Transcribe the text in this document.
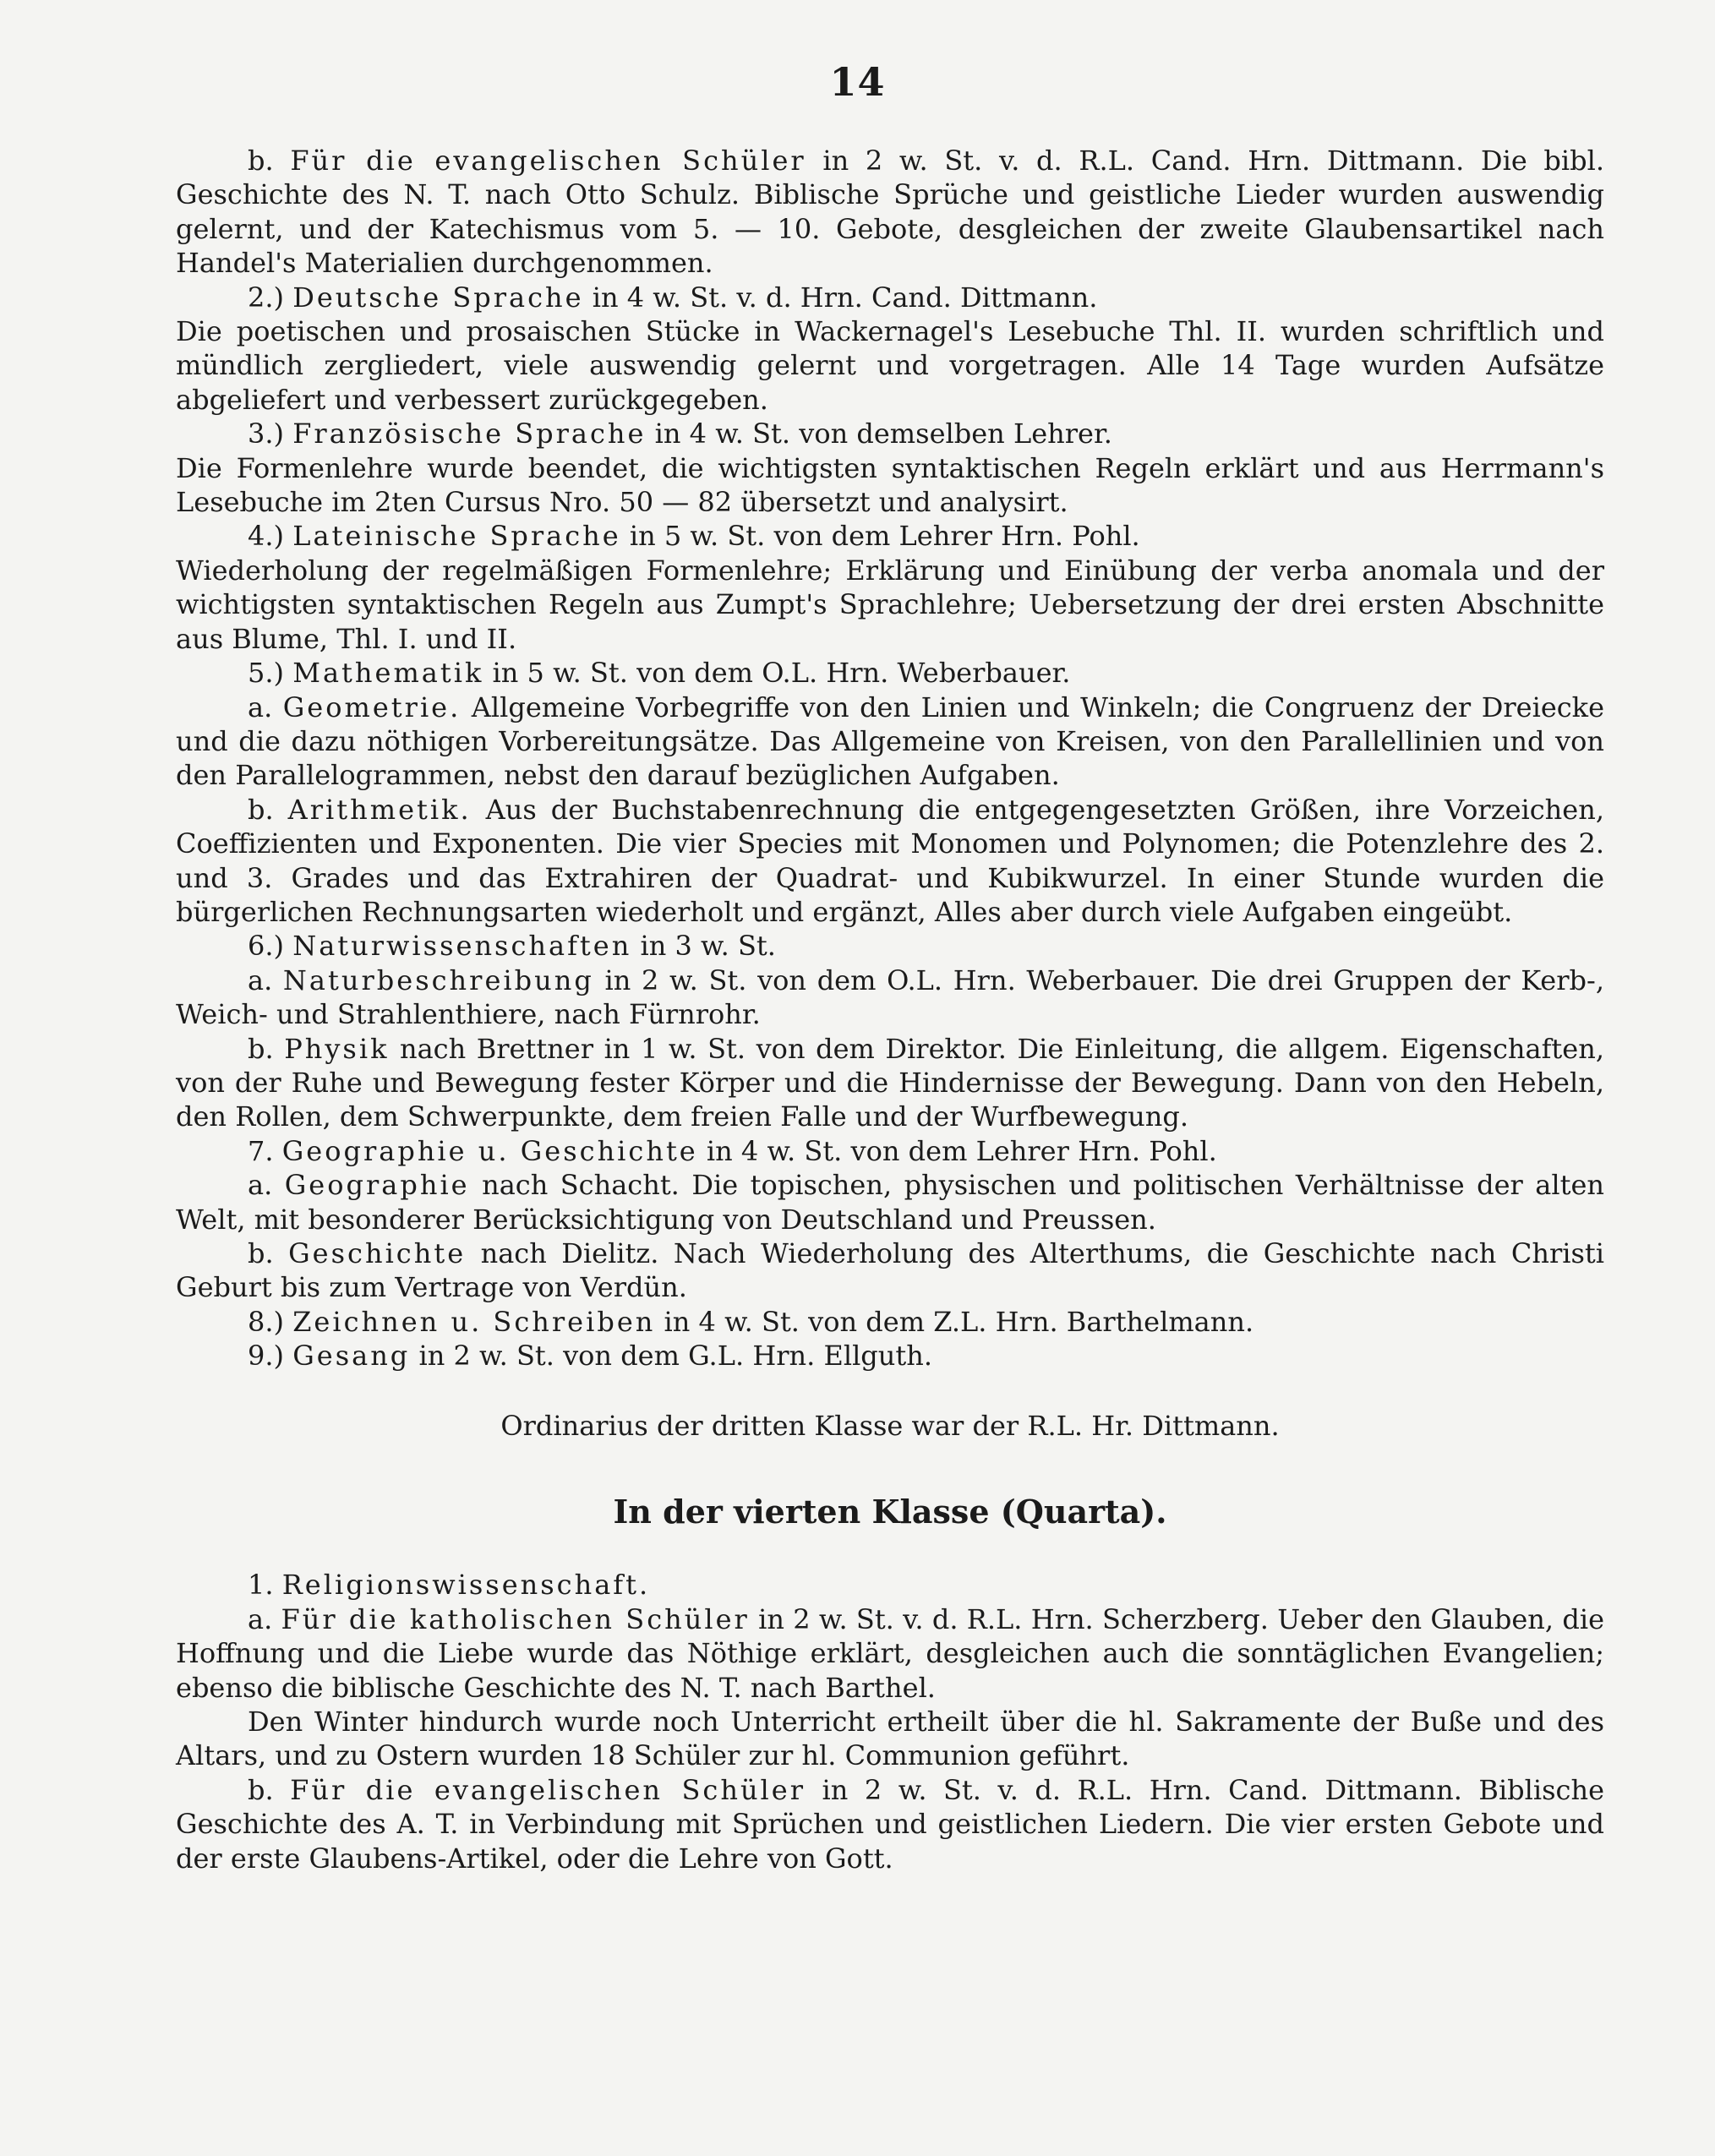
14

b. Für die evangelischen Schüler in 2 w. St. v. d. R.L. Cand. Hrn. Dittmann. Die bibl. Geschichte des N. T. nach Otto Schulz. Biblische Sprüche und geistliche Lieder wurden auswendig gelernt, und der Katechismus vom 5. — 10. Gebote, desgleichen der zweite Glaubensartikel nach Handel's Materialien durchgenommen.

2.) Deutsche Sprache in 4 w. St. v. d. Hrn. Cand. Dittmann.

Die poetischen und prosaischen Stücke in Wackernagel's Lesebuche Thl. II. wurden schriftlich und mündlich zergliedert, viele auswendig gelernt und vorgetragen. Alle 14 Tage wurden Aufsätze abgeliefert und verbessert zurückgegeben.

3.) Französische Sprache in 4 w. St. von demselben Lehrer.

Die Formenlehre wurde beendet, die wichtigsten syntaktischen Regeln erklärt und aus Herrmann's Lesebuche im 2ten Cursus Nro. 50 — 82 übersetzt und analysirt.

4.) Lateinische Sprache in 5 w. St. von dem Lehrer Hrn. Pohl.

Wiederholung der regelmäßigen Formenlehre; Erklärung und Einübung der verba anomala und der wichtigsten syntaktischen Regeln aus Zumpt's Sprachlehre; Uebersetzung der drei ersten Abschnitte aus Blume, Thl. I. und II.

5.) Mathematik in 5 w. St. von dem O.L. Hrn. Weberbauer.

a. Geometrie. Allgemeine Vorbegriffe von den Linien und Winkeln; die Congruenz der Dreiecke und die dazu nöthigen Vorbereitungsätze. Das Allgemeine von Kreisen, von den Parallellinien und von den Parallelogrammen, nebst den darauf bezüglichen Aufgaben.

b. Arithmetik. Aus der Buchstabenrechnung die entgegengesetzten Größen, ihre Vorzeichen, Coeffizienten und Exponenten. Die vier Species mit Monomen und Polynomen; die Potenzlehre des 2. und 3. Grades und das Extrahiren der Quadrat- und Kubikwurzel. In einer Stunde wurden die bürgerlichen Rechnungsarten wiederholt und ergänzt, Alles aber durch viele Aufgaben eingeübt.

6.) Naturwissenschaften in 3 w. St.

a. Naturbeschreibung in 2 w. St. von dem O.L. Hrn. Weberbauer. Die drei Gruppen der Kerb-, Weich- und Strahlenthiere, nach Fürnrohr.

b. Physik nach Brettner in 1 w. St. von dem Direktor. Die Einleitung, die allgem. Eigenschaften, von der Ruhe und Bewegung fester Körper und die Hindernisse der Bewegung. Dann von den Hebeln, den Rollen, dem Schwerpunkte, dem freien Falle und der Wurfbewegung.

7. Geographie u. Geschichte in 4 w. St. von dem Lehrer Hrn. Pohl.

a. Geographie nach Schacht. Die topischen, physischen und politischen Verhältnisse der alten Welt, mit besonderer Berücksichtigung von Deutschland und Preussen.

b. Geschichte nach Dielitz. Nach Wiederholung des Alterthums, die Geschichte nach Christi Geburt bis zum Vertrage von Verdün.

8.) Zeichnen u. Schreiben in 4 w. St. von dem Z.L. Hrn. Barthelmann.

9.) Gesang in 2 w. St. von dem G.L. Hrn. Ellguth.

Ordinarius der dritten Klasse war der R.L. Hr. Dittmann.

In der vierten Klasse (Quarta).

1. Religionswissenschaft.

a. Für die katholischen Schüler in 2 w. St. v. d. R.L. Hrn. Scherzberg. Ueber den Glauben, die Hoffnung und die Liebe wurde das Nöthige erklärt, desgleichen auch die sonntäglichen Evangelien; ebenso die biblische Geschichte des N. T. nach Barthel.

Den Winter hindurch wurde noch Unterricht ertheilt über die hl. Sakramente der Buße und des Altars, und zu Ostern wurden 18 Schüler zur hl. Communion geführt.

b. Für die evangelischen Schüler in 2 w. St. v. d. R.L. Hrn. Cand. Dittmann. Biblische Geschichte des A. T. in Verbindung mit Sprüchen und geistlichen Liedern. Die vier ersten Gebote und der erste Glaubens-Artikel, oder die Lehre von Gott.
